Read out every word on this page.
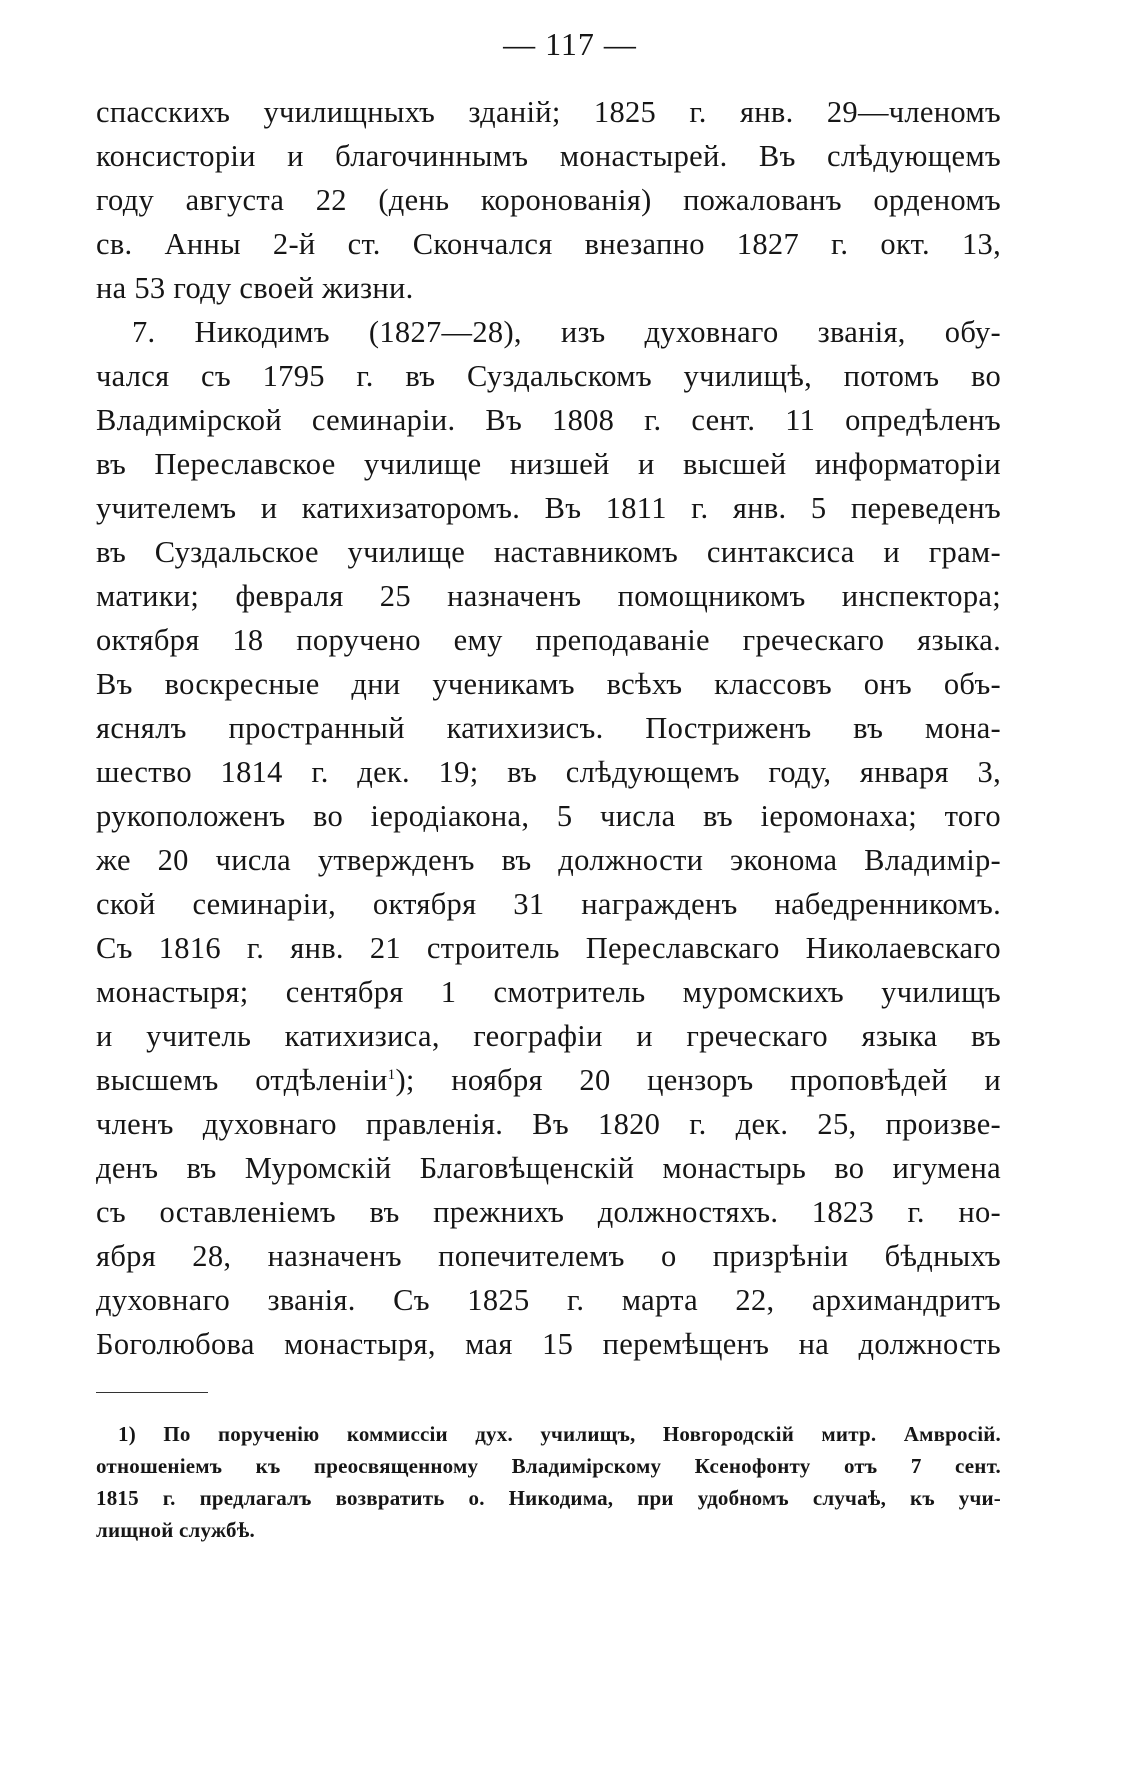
— 117 —
спасскихъ училищныхъ зданій; 1825 г. янв. 29—членомъ
консисторіи и благочиннымъ монастырей. Въ слѣдующемъ
году августа 22 (день коронованія) пожалованъ орденомъ
св. Анны 2-й ст. Скончался внезапно 1827 г. окт. 13,
на 53 году своей жизни.
7. Никодимъ (1827—28), изъ духовнаго званія, обу-
чался съ 1795 г. въ Суздальскомъ училищѣ, потомъ во
Владимірской семинаріи. Въ 1808 г. сент. 11 опредѣленъ
въ Переславское училище низшей и высшей информаторіи
учителемъ и катихизаторомъ. Въ 1811 г. янв. 5 переведенъ
въ Суздальское училище наставникомъ синтаксиса и грам-
матики; февраля 25 назначенъ помощникомъ инспектора;
октября 18 поручено ему преподаваніе греческаго языка.
Въ воскресные дни ученикамъ всѣхъ классовъ онъ объ-
яснялъ пространный катихизисъ. Постриженъ въ мона-
шество 1814 г. дек. 19; въ слѣдующемъ году, января 3,
рукоположенъ во іеродіакона, 5 числа въ іеромонаха; того
же 20 числа утвержденъ въ должности эконома Владимір-
ской семинаріи, октября 31 награжденъ набедренникомъ.
Съ 1816 г. янв. 21 строитель Переславскаго Николаевскаго
монастыря; сентября 1 смотритель муромскихъ училищъ
и учитель катихизиса, географіи и греческаго языка въ
высшемъ отдѣленіи$^1$); ноября 20 цензоръ проповѣдей и
членъ духовнаго правленія. Въ 1820 г. дек. 25, произве-
денъ въ Муромскій Благовѣщенскій монастырь во игумена
съ оставленіемъ въ прежнихъ должностяхъ. 1823 г. но-
ября 28, назначенъ попечителемъ о призрѣніи бѣдныхъ
духовнаго званія. Съ 1825 г. марта 22, архимандритъ
Боголюбова монастыря, мая 15 перемѣщенъ на должность
1) По порученію коммиссіи дух. училищъ, Новгородскій митр. Амвросій.
отношеніемъ къ преосвященному Владимірскому Ксенофонту отъ 7 сент.
1815 г. предлагалъ возвратить о. Никодима, при удобномъ случаѣ, къ учи-
лищной службѣ.
